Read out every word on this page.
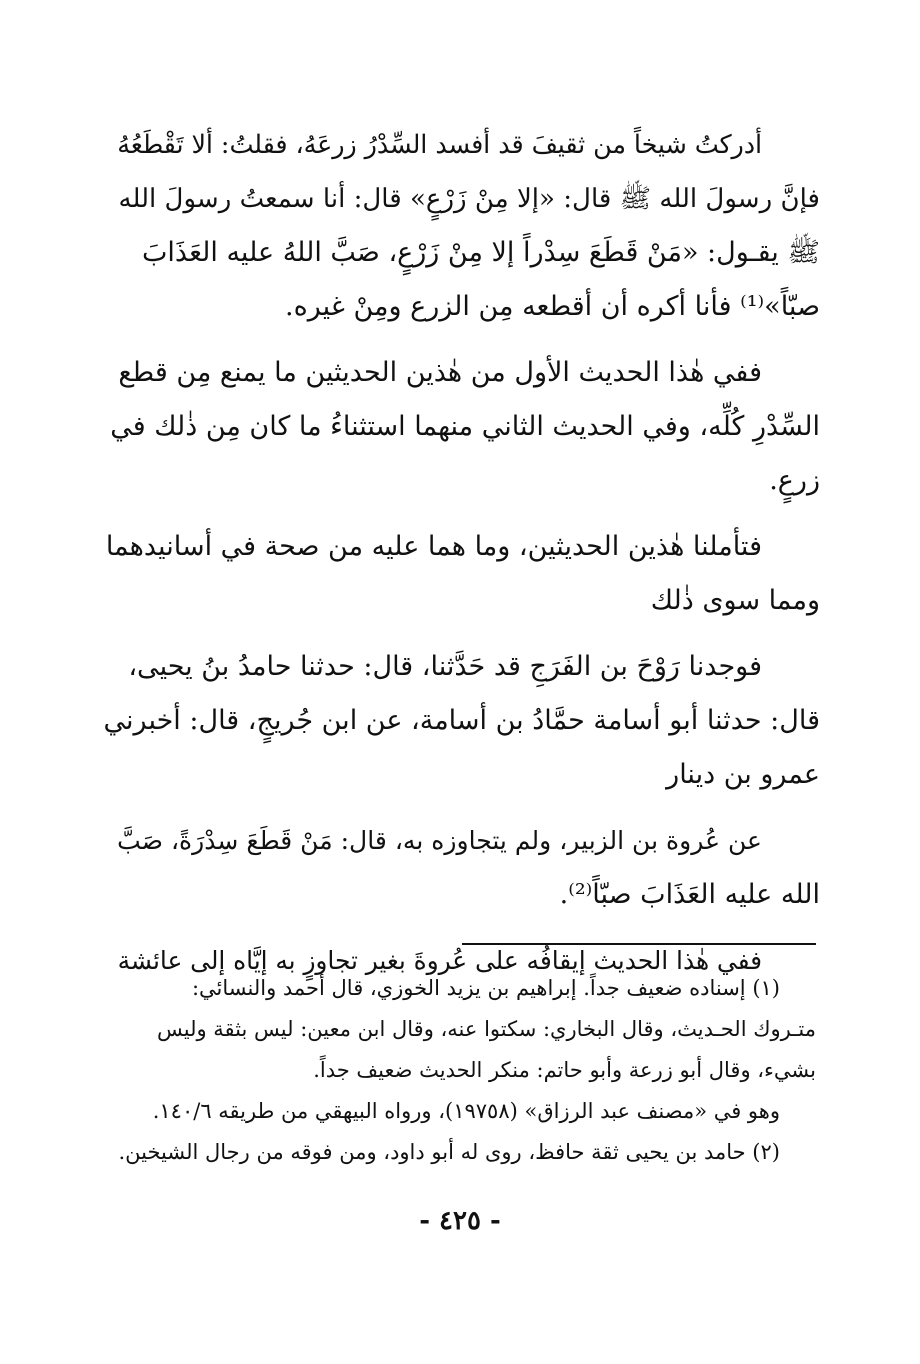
أدركتُ شيخاً من ثقيفَ قد أفسد السِّدْرُ زرعَهُ، فقلتُ: ألا تَقْطَعُهُ
فإنَّ رسولَ الله ﷺ قال: «إلا مِنْ زَرْعٍ» قال: أنا سمعتُ رسولَ الله
ﷺ يقـول: «مَنْ قَطَعَ سِدْراً إلا مِنْ زَرْعٍ، صَبَّ اللهُ عليه العَذَابَ
صبّاً»⁽¹⁾ فأنا أكره أن أقطعه مِن الزرع ومِنْ غيره.

ففي هٰذا الحديث الأول من هٰذين الحديثين ما يمنع مِن قطع
السِّدْرِ كُلِّه، وفي الحديث الثاني منهما استثناءُ ما كان مِن ذٰلك في
زرعٍ.

فتأملنا هٰذين الحديثين، وما هما عليه من صحة في أسانيدهما
ومما سوى ذٰلك

فوجدنا رَوْحَ بن الفَرَجِ قد حَدَّثنا، قال: حدثنا حامدُ بنُ يحيى،
قال: حدثنا أبو أسامة حمَّادُ بن أسامة، عن ابن جُريجٍ، قال: أخبرني
عمرو بن دينار

عن عُروة بن الزبير، ولم يتجاوزه به، قال: مَنْ قَطَعَ سِدْرَةً، صَبَّ
الله عليه العَذَابَ صبّاً⁽²⁾.

ففي هٰذا الحديث إيقافُه على عُروةَ بغير تجاوزٍ به إيَّاه إلى عائشة

(١) إسناده ضعيف جداً. إبراهيم بن يزيد الخوزي، قال أحمد والنسائي:
متـروك الحـديث، وقال البخاري: سكتوا عنه، وقال ابن معين: ليس بثقة وليس
بشيء، وقال أبو زرعة وأبو حاتم: منكر الحديث ضعيف جداً.
وهو في «مصنف عبد الرزاق» (١٩٧٥٨)، ورواه البيهقي من طريقه ١٤٠/٦.
(٢) حامد بن يحيى ثقة حافظ، روى له أبو داود، ومن فوقه من رجال الشيخين.
- ٤٢٥ -
